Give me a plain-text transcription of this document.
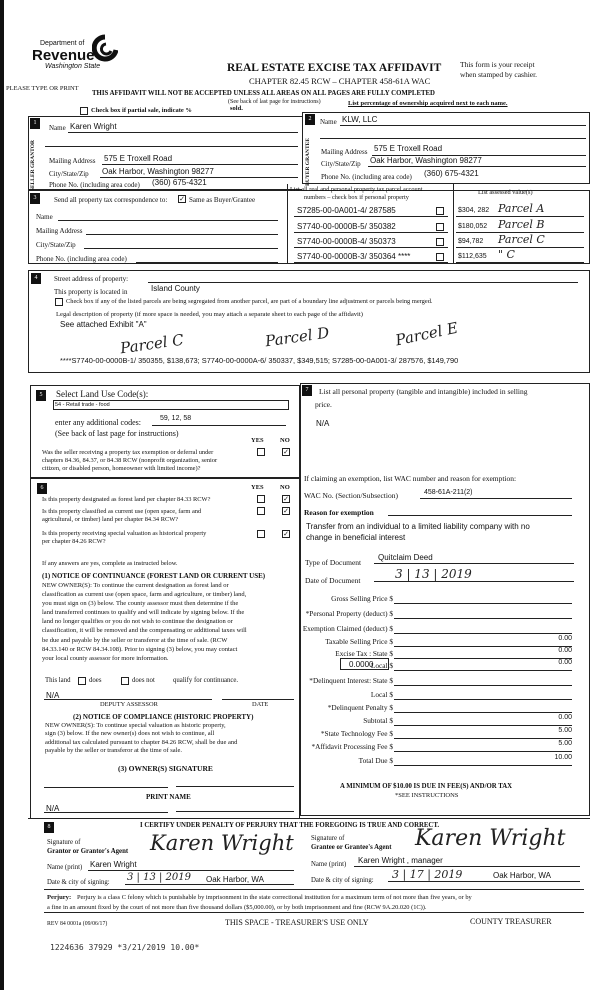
Department of
Revenue
Washington State	REAL ESTATE EXCISE TAX AFFIDAVIT
CHAPTER 82.45 RCW – CHAPTER 458-61A WAC
This form is your receipt
when stamped by cashier.
PLEASE TYPE OR PRINT
THIS AFFIDAVIT WILL NOT BE ACCEPTED UNLESS ALL AREAS ON ALL PAGES ARE FULLY COMPLETED
(See back of last page for instructions)
Check box if partial sale, indicate %	sold.
List percentage of ownership acquired next to each name.
1
SELLER GRANTOR
Name Karen Wright
Mailing Address 575 E Troxell Road
City/State/Zip Oak Harbor, Washington 98277
Phone No. (including area code) (360) 675-4321
2
BUYER GRANTEE
Name KLW, LLC
Mailing Address 575 E Troxell Road
City/State/Zip Oak Harbor, Washington 98277
Phone No. (including area code) (360) 675-4321
3	Send all property tax correspondence to: ✓ Same as Buyer/Grantee
Name
Mailing Address
City/State/Zip
Phone No. (including area code)
List all real and personal property tax parcel account
numbers – check box if personal property
List assessed value(s)
S7285-00-0A001-4/ 287585	$304, 282 Parcel A
S7740-00-0000B-5/ 350382	$180,052 Parcel B
S7740-00-0000B-4/ 350373	$94,782 Parcel C
S7740-00-0000B-3/ 350364 ****	$112,635 " C
4	Street address of property:
This property is located in	Island County
Check box if any of the listed parcels are being segregated from another parcel, are part of a boundary line adjustment or parcels being merged.
Legal description of property (if more space is needed, you may attach a separate sheet to each page of the affidavit)
See attached Exhibit "A"
Parcel C	Parcel D	Parcel E
****S7740-00-0000B-1/ 350355, $138,673; S7740-00-0000A-6/ 350337, $349,515; S7285-00-0A001-3/ 287576, $149,790
5	Select Land Use Code(s):
54 - Retail trade - food
enter any additional codes:	59, 12, 58
(See back of last page for instructions)
YES	NO
Was the seller receiving a property tax exemption or deferral under
chapters 84.36, 84.37, or 84.38 RCW (nonprofit organization, senior
citizen, or disabled person, homeowner with limited income)?
✓
6	YES	NO
Is this property designated as forest land per chapter 84.33 RCW?	✓
Is this property classified as current use (open space, farm and
agricultural, or timber) land per chapter 84.34 RCW?
✓
Is this property receiving special valuation as historical property
per chapter 84.26 RCW?
✓
If any answers are yes, complete as instructed below.
(1) NOTICE OF CONTINUANCE (FOREST LAND OR CURRENT USE)
NEW OWNER(S): To continue the current designation as forest land or
classification as current use (open space, farm and agriculture, or timber) land,
you must sign on (3) below. The county assessor must then determine if the
land transferred continues to qualify and will indicate by signing below. If the
land no longer qualifies or you do not wish to continue the designation or
classification, it will be removed and the compensating or additional taxes will
be due and payable by the seller or transferor at the time of sale. (RCW
84.33.140 or RCW 84.34.108). Prior to signing (3) below, you may contact
your local county assessor for more information.
This land	does	does not	qualify for continuance.
N/A
DEPUTY ASSESSOR	DATE
(2) NOTICE OF COMPLIANCE (HISTORIC PROPERTY)
NEW OWNER(S): To continue special valuation as historic property,
sign (3) below. If the new owner(s) does not wish to continue, all
additional tax calculated pursuant to chapter 84.26 RCW, shall be due and
payable by the seller or transferor at the time of sale.
(3) OWNER(S) SIGNATURE
PRINT NAME
N/A
7	List all personal property (tangible and intangible) included in selling
price.
N/A
If claiming an exemption, list WAC number and reason for exemption:
WAC No. (Section/Subsection)	458-61A-211(2)
Reason for exemption
Transfer from an individual to a limited liability company with no
change in beneficial interest
Type of Document
Quitclaim Deed
Date of Document	3 | 13 | 2019
0.0000
Gross Selling Price $
*Personal Property (deduct) $
Exemption Claimed (deduct) $
Taxable Selling Price $	0.00
Excise Tax : State $	0.00
Local $	0.00
*Delinquent Interest: State $
Local $
*Delinquent Penalty $
Subtotal $	0.00
*State Technology Fee $	5.00
*Affidavit Processing Fee $	5.00
Total Due $	10.00
A MINIMUM OF $10.00 IS DUE IN FEE(S) AND/OR TAX
*SEE INSTRUCTIONS
8	I CERTIFY UNDER PENALTY OF PERJURY THAT THE FOREGOING IS TRUE AND CORRECT.
Signature of
Grantor or Grantor's Agent Karen Wright	Signature of
Grantee or Grantee's Agent Karen Wright
Name (print) Karen Wright	Name (print) Karen Wright , manager
Date & city of signing: 3 | 13 | 2019 Oak Harbor, WA	Date & city of signing: 3 | 17 | 2019	Oak Harbor, WA
Perjury: Perjury is a class C felony which is punishable by imprisonment in the state correctional institution for a maximum term of not more than five years, or by
a fine in an amount fixed by the court of not more than five thousand dollars ($5,000.00), or by both imprisonment and fine (RCW 9A.20.020 (1C)).
REV 84 0001a (09/06/17)	THIS SPACE - TREASURER'S USE ONLY	COUNTY TREASURER
1224636 37929 *3/21/2019 10.00*
